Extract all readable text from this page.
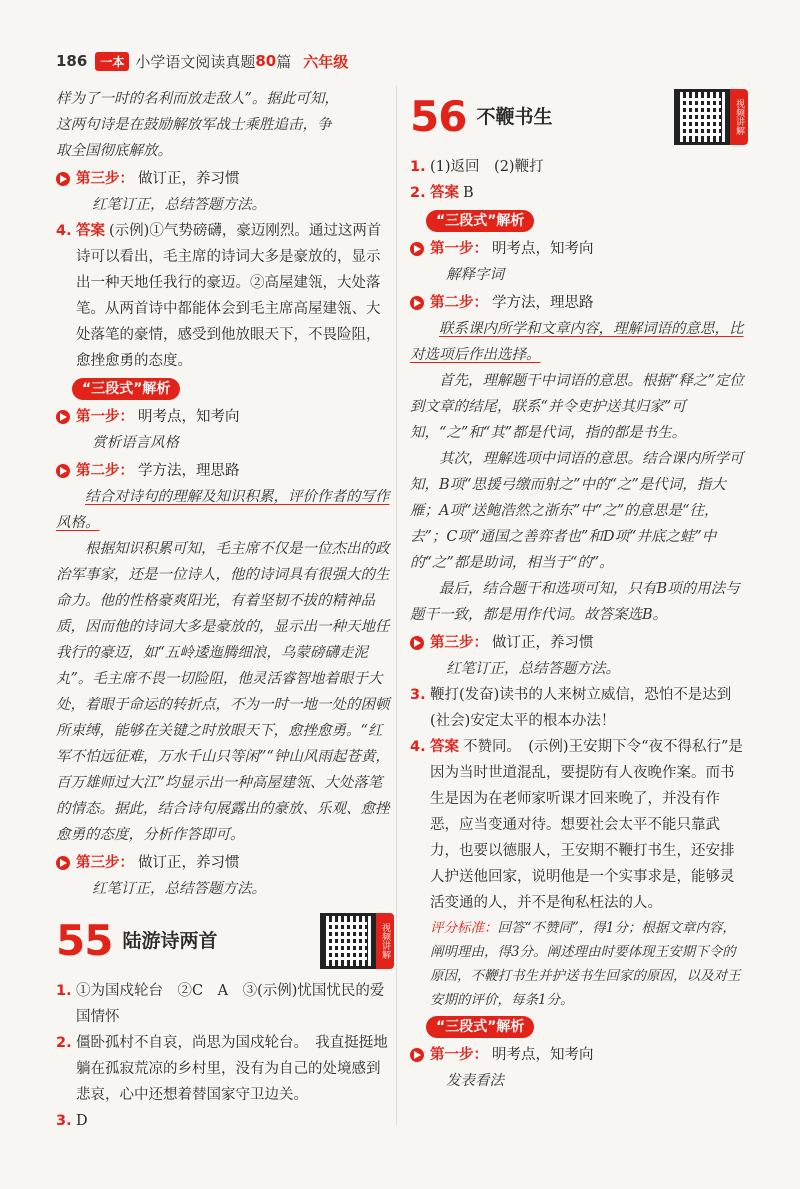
186	一本 小学语文阅读真题 80 篇 六年级

样为了一时的名利而放走敌人”。据此可知，

这两句诗是在鼓励解放军战士乘胜追击，争

取全国彻底解放。

第三步： 做订正，养习惯

红笔订正，总结答题方法。

4. 答案 (示例)①气势磅礴，豪迈刚烈。通过这两首诗可以看出，毛主席的诗词大多是豪放的，显示出一种天地任我行的豪迈。②高屋建瓴，大处落笔。从两首诗中都能体会到毛主席高屋建瓴、大处落笔的豪情，感受到他放眼天下，不畏险阻，愈挫愈勇的态度。
“三段式”解析
第一步： 明考点，知考向

赏析语言风格

第二步： 学方法，理思路

结合对诗句的理解及知识积累，评价作者的写作风格。

根据知识积累可知，毛主席不仅是一位杰出的政治军事家，还是一位诗人，他的诗词具有很强大的生命力。他的性格豪爽阳光，有着坚韧不拔的精神品质，因而他的诗词大多是豪放的，显示出一种天地任我行的豪迈，如“五岭逶迤腾细浪，乌蒙磅礴走泥丸”。毛主席不畏一切险阻，他灵活睿智地着眼于大处，着眼于命运的转折点，不为一时一地一处的困顿所束缚，能够在关键之时放眼天下，愈挫愈勇。“红军不怕远征难，万水千山只等闲”“钟山风雨起苍黄，百万雄师过大江”均显示出一种高屋建瓴、大处落笔的情态。据此，结合诗句展露出的豪放、乐观、愈挫愈勇的态度，分析作答即可。

第三步： 做订正，养习惯

红笔订正，总结答题方法。

55 陆游诗两首	视频讲解
1. ①为国戍轮台　②C　A　③(示例)忧国忧民的爱国情怀
2. 僵卧孤村不自哀，尚思为国戍轮台。　我直挺挺地躺在孤寂荒凉的乡村里，没有为自己的处境感到悲哀，心中还想着替国家守卫边关。
3. D
56 不鞭书生	视频讲解
1. (1)返回　(2)鞭打
2. 答案 B
“三段式”解析
第一步： 明考点，知考向

解释字词

第二步： 学方法，理思路

联系课内所学和文章内容，理解词语的意思，比对选项后作出选择。

首先，理解题干中词语的意思。根据“释之”定位到文章的结尾，联系“并令吏护送其归家”可知，“之”和“其”都是代词，指的都是书生。

其次，理解选项中词语的意思。结合课内所学可知，B项“思援弓缴而射之”中的“之”是代词，指大雁；A项“送鲍浩然之浙东”中“之”的意思是“往，去”；C项“通国之善弈者也”和D项“井底之蛙”中的“之”都是助词，相当于“的”。

最后，结合题干和选项可知，只有B项的用法与题干一致，都是用作代词。故答案选B。

第三步： 做订正，养习惯

红笔订正，总结答题方法。

3. 鞭打(发奋)读书的人来树立威信，恐怕不是达到(社会)安定太平的根本办法！
4. 答案 不赞同。　(示例)王安期下令“夜不得私行”是因为当时世道混乱，要提防有人夜晚作案。而书生是因为在老师家听课才回来晚了，并没有作恶，应当变通对待。想要社会太平不能只靠武力，也要以德服人，王安期不鞭打书生，还安排人护送他回家，说明他是一个实事求是，能够灵活变通的人，并不是徇私枉法的人。

评分标准：回答“不赞同”，得1分；根据文章内容，阐明理由，得3分。阐述理由时要体现王安期下令的原因，不鞭打书生并护送书生回家的原因，以及对王安期的评价，每条1分。

“三段式”解析
第一步： 明考点，知考向

发表看法
